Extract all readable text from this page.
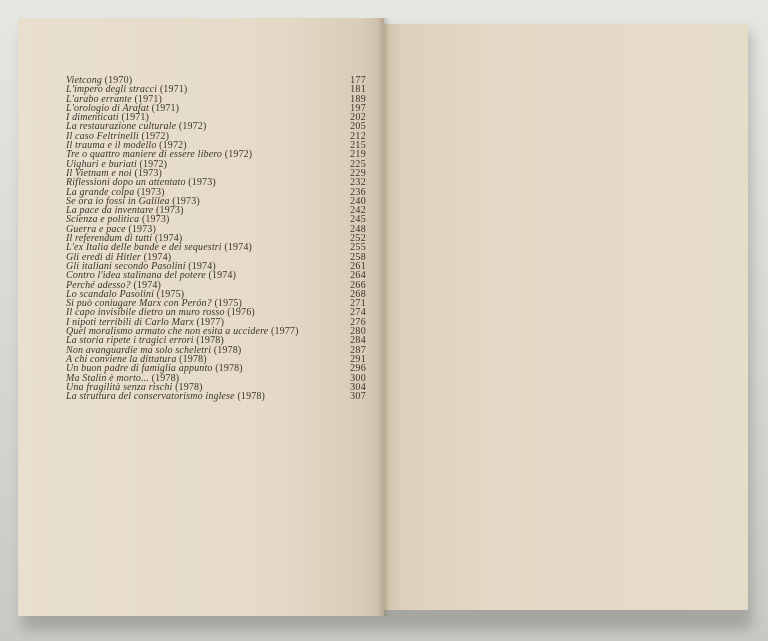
Vietcong (1970)	177
L'impero degli stracci (1971)	181
L'arabo errante (1971)	189
L'orologio di Arafat (1971)	197
I dimenticati (1971)	202
La restaurazione culturale (1972)	205
Il caso Feltrinelli (1972)	212
Il trauma e il modello (1972)	215
Tre o quattro maniere di essere libero (1972)	219
Uighuri e buriati (1972)	225
Il Vietnam e noi (1973)	229
Riflessioni dopo un attentato (1973)	232
La grande colpa (1973)	236
Se ora io fossi in Galilea (1973)	240
La pace da inventare (1973)	242
Scienza e politica (1973)	245
Guerra e pace (1973)	248
Il referendum di tutti (1974)	252
L'ex Italia delle bande e dei sequestri (1974)	255
Gli eredi di Hitler (1974)	258
Gli italiani secondo Pasolini (1974)	261
Contro l'idea stalinana del potere (1974)	264
Perché adesso? (1974)	266
Lo scandalo Pasolini (1975)	268
Si può coniugare Marx con Perón? (1975)	271
Il capo invisibile dietro un muro rosso (1976)	274
I nipoti terribili di Carlo Marx (1977)	276
Quel moralismo armato che non esita a uccidere (1977)	280
La storia ripete i tragici errori (1978)	284
Non avanguardie ma solo scheletri (1978)	287
A chi conviene la dittatura (1978)	291
Un buon padre di famiglia appunto (1978)	296
Ma Stalin è morto... (1978)	300
Una fragilità senza rischi (1978)	304
La struttura del conservatorismo inglese (1978)	307
